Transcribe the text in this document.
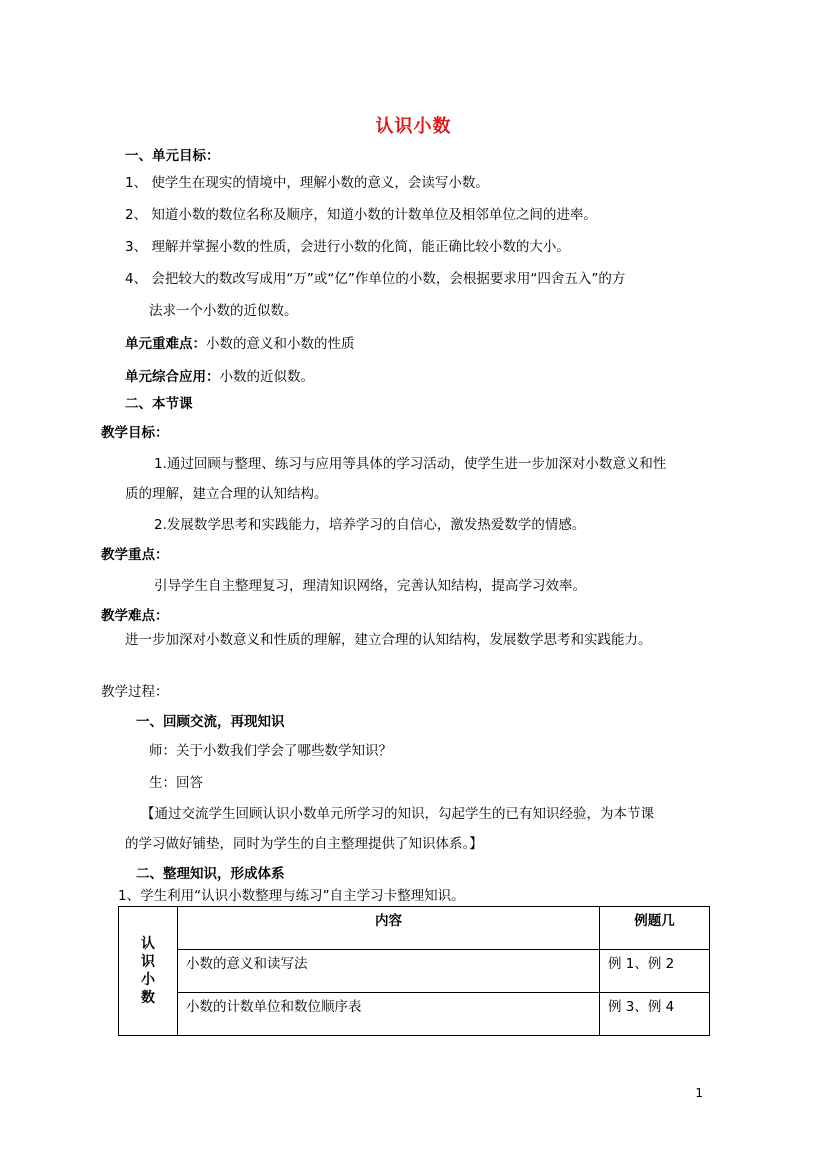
认识小数
一、单元目标：
1、 使学生在现实的情境中，理解小数的意义，会读写小数。
2、 知道小数的数位名称及顺序，知道小数的计数单位及相邻单位之间的进率。
3、 理解并掌握小数的性质，会进行小数的化简，能正确比较小数的大小。
4、 会把较大的数改写成用“万”或“亿”作单位的小数，会根据要求用“四舍五入”的方
法求一个小数的近似数。
单元重难点：小数的意义和小数的性质
单元综合应用：小数的近似数。
二、本节课
教学目标：
1.通过回顾与整理、练习与应用等具体的学习活动，使学生进一步加深对小数意义和性
质的理解，建立合理的认知结构。
2.发展数学思考和实践能力，培养学习的自信心，激发热爱数学的情感。
教学重点：
引导学生自主整理复习，理清知识网络，完善认知结构，提高学习效率。
教学难点：
进一步加深对小数意义和性质的理解，建立合理的认知结构，发展数学思考和实践能力。
教学过程：
一、回顾交流，再现知识
师：关于小数我们学会了哪些数学知识？
生：回答
【通过交流学生回顾认识小数单元所学习的知识，勾起学生的已有知识经验，为本节课
的学习做好铺垫，同时为学生的自主整理提供了知识体系。】
二、整理知识，形成体系
1、学生利用“认识小数整理与练习”自主学习卡整理知识。
认识小数	内容	例题几
	小数的意义和读写法	例 1、例 2
	小数的计数单位和数位顺序表	例 3、例 4
1
